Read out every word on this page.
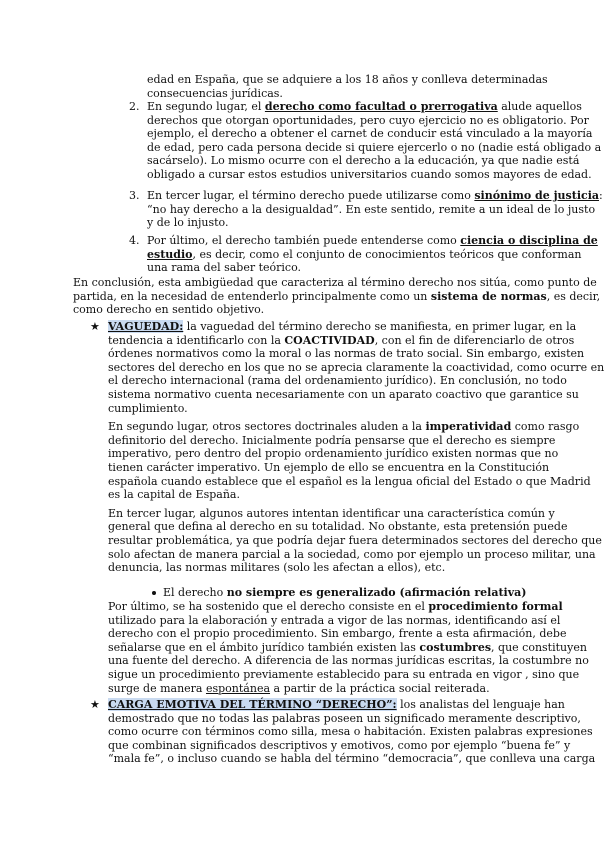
edad en España, que se adquiere a los 18 años y conlleva determinadas
consecuencias jurídicas.
2. En segundo lugar, el derecho como facultad o prerrogativa alude aquellos
derechos que otorgan oportunidades, pero cuyo ejercicio no es obligatorio. Por
ejemplo, el derecho a obtener el carnet de conducir está vinculado a la mayoría
de edad, pero cada persona decide si quiere ejercerlo o no (nadie está obligado a
sacárselo). Lo mismo ocurre con el derecho a la educación, ya que nadie está
obligado a cursar estos estudios universitarios cuando somos mayores de edad.
3. En tercer lugar, el término derecho puede utilizarse como sinónimo de justicia:
“no hay derecho a la desigualdad”. En este sentido, remite a un ideal de lo justo
y de lo injusto.
4. Por último, el derecho también puede entenderse como ciencia o disciplina de
estudio, es decir, como el conjunto de conocimientos teóricos que conforman
una rama del saber teórico.
En conclusión, esta ambigüedad que caracteriza al término derecho nos sitúa, como punto de
partida, en la necesidad de entenderlo principalmente como un sistema de normas, es decir,
como derecho en sentido objetivo.
★ VAGUEDAD: la vaguedad del término derecho se manifiesta, en primer lugar, en la
tendencia a identificarlo con la COACTIVIDAD, con el fin de diferenciarlo de otros
órdenes normativos como la moral o las normas de trato social. Sin embargo, existen
sectores del derecho en los que no se aprecia claramente la coactividad, como ocurre en
el derecho internacional (rama del ordenamiento jurídico). En conclusión, no todo
sistema normativo cuenta necesariamente con un aparato coactivo que garantice su
cumplimiento.
En segundo lugar, otros sectores doctrinales aluden a la imperatividad como rasgo
definitorio del derecho. Inicialmente podría pensarse que el derecho es siempre
imperativo, pero dentro del propio ordenamiento jurídico existen normas que no
tienen carácter imperativo. Un ejemplo de ello se encuentra en la Constitución
española cuando establece que el español es la lengua oficial del Estado o que Madrid
es la capital de España.
En tercer lugar, algunos autores intentan identificar una característica común y
general que defina al derecho en su totalidad. No obstante, esta pretensión puede
resultar problemática, ya que podría dejar fuera determinados sectores del derecho que
solo afectan de manera parcial a la sociedad, como por ejemplo un proceso militar, una
denuncia, las normas militares (solo les afectan a ellos), etc.
El derecho no siempre es generalizado (afirmación relativa)
Por último, se ha sostenido que el derecho consiste en el procedimiento formal
utilizado para la elaboración y entrada a vigor de las normas, identificando así el
derecho con el propio procedimiento. Sin embargo, frente a esta afirmación, debe
señalarse que en el ámbito jurídico también existen las costumbres, que constituyen
una fuente del derecho. A diferencia de las normas jurídicas escritas, la costumbre no
sigue un procedimiento previamente establecido para su entrada en vigor , sino que
surge de manera espontánea a partir de la práctica social reiterada.
★ CARGA EMOTIVA DEL TÉRMINO “DERECHO”: los analistas del lenguaje han
demostrado que no todas las palabras poseen un significado meramente descriptivo,
como ocurre con términos como silla, mesa o habitación. Existen palabras expresiones
que combinan significados descriptivos y emotivos, como por ejemplo “buena fe” y
“mala fe”, o incluso cuando se habla del término “democracia”, que conlleva una carga
